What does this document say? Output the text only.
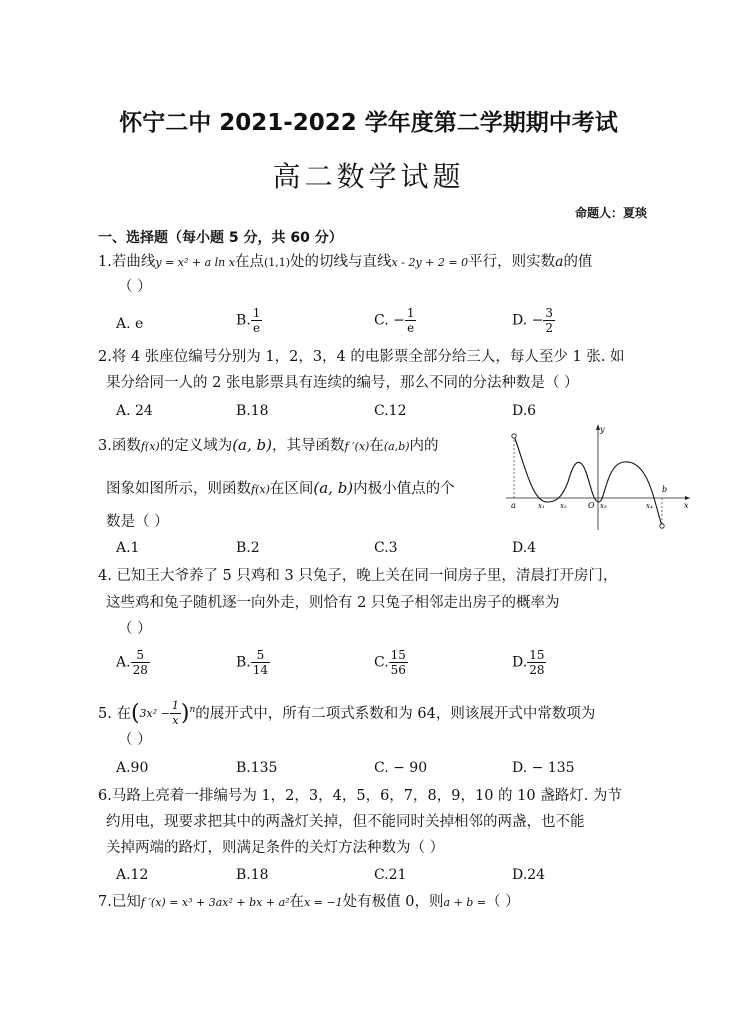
怀宁二中 2021-2022 学年度第二学期期中考试
高二数学试题
命题人：夏琰
一、选择题（每小题 5 分，共 60 分）
1.若曲线y = x² + a ln x在点(1,1)处的切线与直线x - 2y + 2 = 0平行，则实数a的值
（ ）
A. e	B. $\frac{1}{e}$	C. − $\frac{1}{e}$	D. − $\frac{3}{2}$
2.将 4 张座位编号分别为 1，2，3，4 的电影票全部分给三人，每人至少 1 张. 如
果分给同一人的 2 张电影票具有连续的编号，那么不同的分法种数是（ ）
A. 24	B.18	C.12	D.6
3.函数f(x)的定义域为(a, b)，其导函数f ′(x)在(a,b)内的
图象如图所示，则函数f(x)在区间(a, b)内极小值点的个
数是（ ）
y
x
a
b
O
x₁ x₂	x₃	x₄
A.1	B.2	C.3	D.4
4. 已知王大爷养了 5 只鸡和 3 只兔子，晚上关在同一间房子里，清晨打开房门，
这些鸡和兔子随机逐一向外走，则恰有 2 只兔子相邻走出房子的概率为
（ ）
A. $\frac{5}{28}$	B. $\frac{5}{14}$	C. $\frac{15}{56}$	D. $\frac{15}{28}$
5. 在$(3x^2 - \frac{1}{x} )^n$的展开式中，所有二项式系数和为 64，则该展开式中常数项为
（ ）
A.90	B.135	C. − 90	D. − 135
6.马路上亮着一排编号为 1，2，3，4，5，6，7，8，9，10 的 10 盏路灯. 为节
约用电，现要求把其中的两盏灯关掉，但不能同时关掉相邻的两盏，也不能
关掉两端的路灯，则满足条件的关灯方法种数为（ ）
A.12	B.18	C.21	D.24
7.已知f ′(x) = x³ + 3ax² + bx + a²在x = −1处有极值 0，则a + b =（ ）
